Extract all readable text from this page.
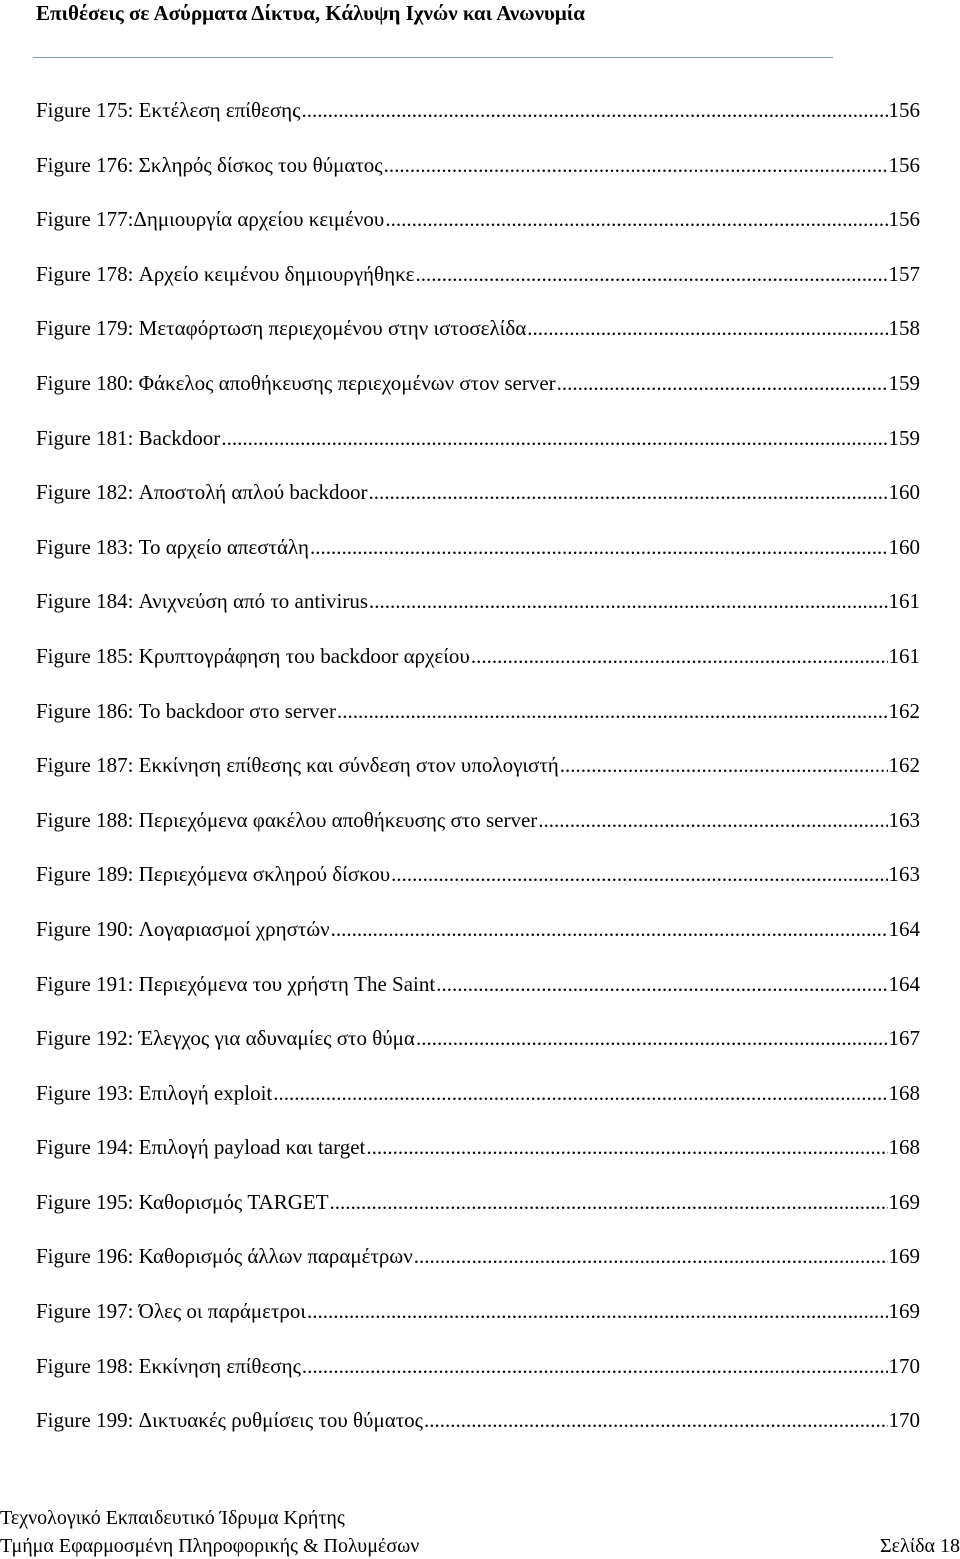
Επιθέσεις σε Ασύρματα Δίκτυα, Κάλυψη Ιχνών και Ανωνυμία
Figure 175: Εκτέλεση επίθεσης .....	156
Figure 176: Σκληρός δίσκος του θύματος .....	156
Figure 177:Δημιουργία αρχείου κειμένου .....	156
Figure 178: Αρχείο κειμένου δημιουργήθηκε .....	157
Figure 179: Μεταφόρτωση περιεχομένου στην ιστοσελίδα .....	158
Figure 180: Φάκελος αποθήκευσης περιεχομένων στον server .....	159
Figure 181: Backdoor .....	159
Figure 182: Αποστολή απλού backdoor .....	160
Figure 183: Το αρχείο απεστάλη .....	160
Figure 184: Ανιχνεύση από το antivirus .....	161
Figure 185: Κρυπτογράφηση του backdoor αρχείου .....	161
Figure 186: Το backdoor στο server .....	162
Figure 187: Εκκίνηση επίθεσης και σύνδεση στον υπολογιστή .....	162
Figure 188: Περιεχόμενα φακέλου αποθήκευσης στο server .....	163
Figure 189: Περιεχόμενα σκληρού δίσκου .....	163
Figure 190: Λογαριασμοί χρηστών .....	164
Figure 191: Περιεχόμενα του χρήστη The Saint .....	164
Figure 192: Έλεγχος για αδυναμίες στο θύμα .....	167
Figure 193: Επιλογή exploit .....	168
Figure 194: Επιλογή payload και target .....	168
Figure 195: Καθορισμός TARGET .....	169
Figure 196: Καθορισμός άλλων παραμέτρων .....	169
Figure 197: Όλες οι παράμετροι .....	169
Figure 198: Εκκίνηση επίθεσης .....	170
Figure 199: Δικτυακές ρυθμίσεις του θύματος .....	170
Τεχνολογικό Εκπαιδευτικό Ίδρυμα Κρήτης
Τμήμα Εφαρμοσμένη Πληροφορικής & Πολυμέσων	Σελίδα 18
